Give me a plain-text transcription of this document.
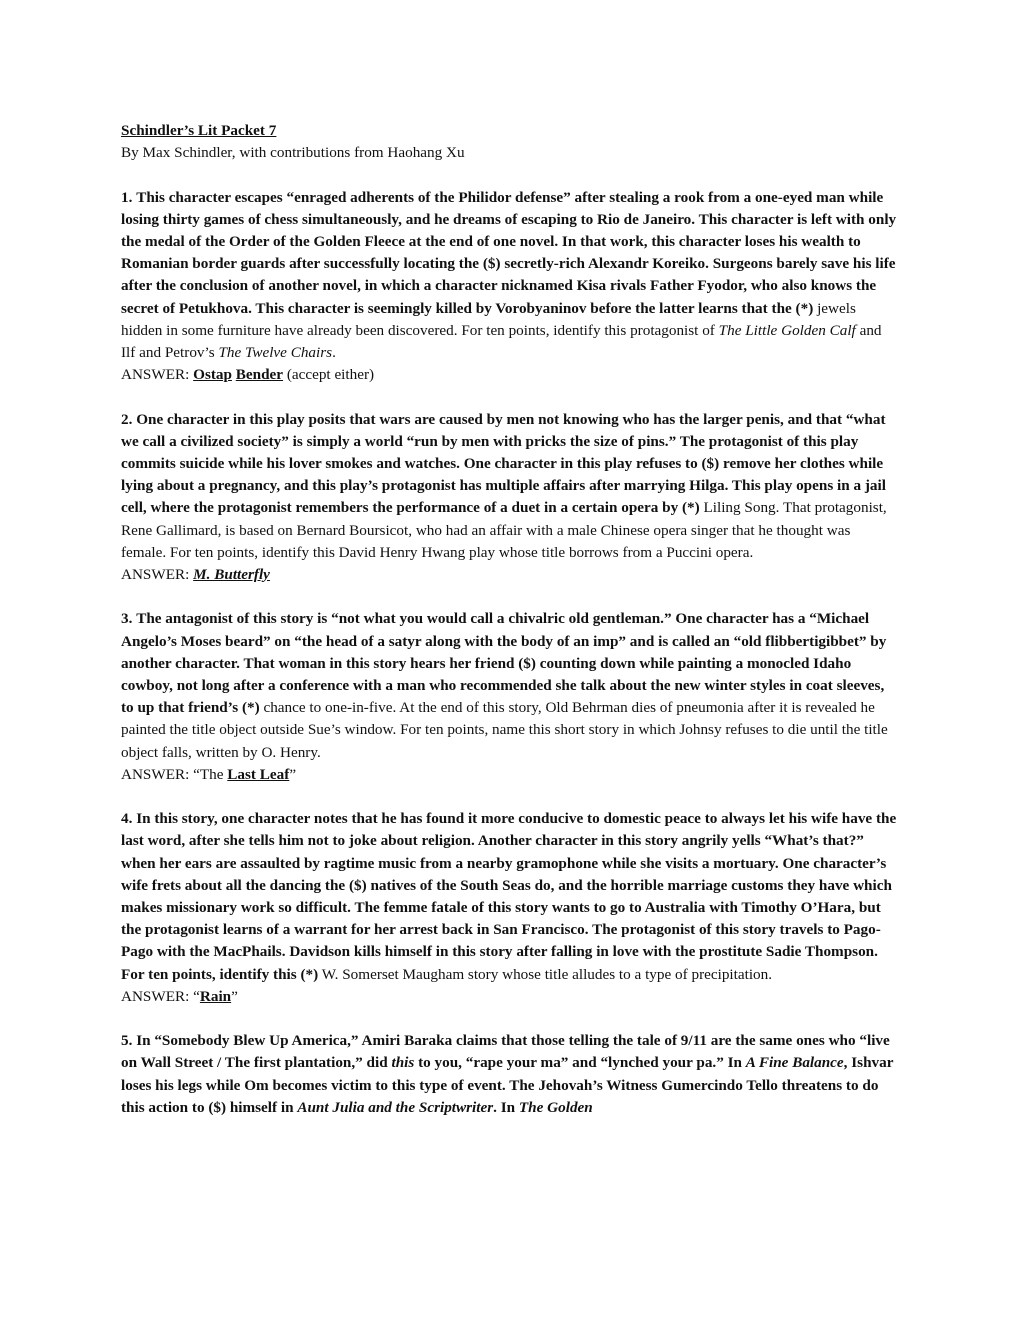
Schindler’s Lit Packet 7
By Max Schindler, with contributions from Haohang Xu

1. This character escapes “enraged adherents of the Philidor defense” after stealing a rook from a one-eyed man while losing thirty games of chess simultaneously, and he dreams of escaping to Rio de Janeiro. This character is left with only the medal of the Order of the Golden Fleece at the end of one novel. In that work, this character loses his wealth to Romanian border guards after successfully locating the ($) secretly-rich Alexandr Koreiko. Surgeons barely save his life after the conclusion of another novel, in which a character nicknamed Kisa rivals Father Fyodor, who also knows the secret of Petukhova. This character is seemingly killed by Vorobyaninov before the latter learns that the (*) jewels hidden in some furniture have already been discovered. For ten points, identify this protagonist of The Little Golden Calf and Ilf and Petrov’s The Twelve Chairs.

ANSWER: Ostap Bender (accept either)

2. One character in this play posits that wars are caused by men not knowing who has the larger penis, and that “what we call a civilized society” is simply a world “run by men with pricks the size of pins.” The protagonist of this play commits suicide while his lover smokes and watches. One character in this play refuses to ($) remove her clothes while lying about a pregnancy, and this play’s protagonist has multiple affairs after marrying Hilga. This play opens in a jail cell, where the protagonist remembers the performance of a duet in a certain opera by (*) Liling Song. That protagonist, Rene Gallimard, is based on Bernard Boursicot, who had an affair with a male Chinese opera singer that he thought was female. For ten points, identify this David Henry Hwang play whose title borrows from a Puccini opera.

ANSWER: M. Butterfly

3. The antagonist of this story is “not what you would call a chivalric old gentleman.” One character has a “Michael Angelo’s Moses beard” on “the head of a satyr along with the body of an imp” and is called an “old flibbertigibbet” by another character. That woman in this story hears her friend ($) counting down while painting a monocled Idaho cowboy, not long after a conference with a man who recommended she talk about the new winter styles in coat sleeves, to up that friend’s (*) chance to one-in-five. At the end of this story, Old Behrman dies of pneumonia after it is revealed he painted the title object outside Sue’s window. For ten points, name this short story in which Johnsy refuses to die until the title object falls, written by O. Henry.

ANSWER: “The Last Leaf”

4. In this story, one character notes that he has found it more conducive to domestic peace to always let his wife have the last word, after she tells him not to joke about religion. Another character in this story angrily yells “What’s that?” when her ears are assaulted by ragtime music from a nearby gramophone while she visits a mortuary. One character’s wife frets about all the dancing the ($) natives of the South Seas do, and the horrible marriage customs they have which makes missionary work so difficult. The femme fatale of this story wants to go to Australia with Timothy O’Hara, but the protagonist learns of a warrant for her arrest back in San Francisco. The protagonist of this story travels to Pago-Pago with the MacPhails. Davidson kills himself in this story after falling in love with the prostitute Sadie Thompson. For ten points, identify this (*) W. Somerset Maugham story whose title alludes to a type of precipitation.

ANSWER: “Rain”

5. In “Somebody Blew Up America,” Amiri Baraka claims that those telling the tale of 9/11 are the same ones who “live on Wall Street / The first plantation,” did this to you, “rape your ma” and “lynched your pa.” In A Fine Balance, Ishvar loses his legs while Om becomes victim to this type of event. The Jehovah’s Witness Gumercindo Tello threatens to do this action to ($) himself in Aunt Julia and the Scriptwriter. In The Golden
